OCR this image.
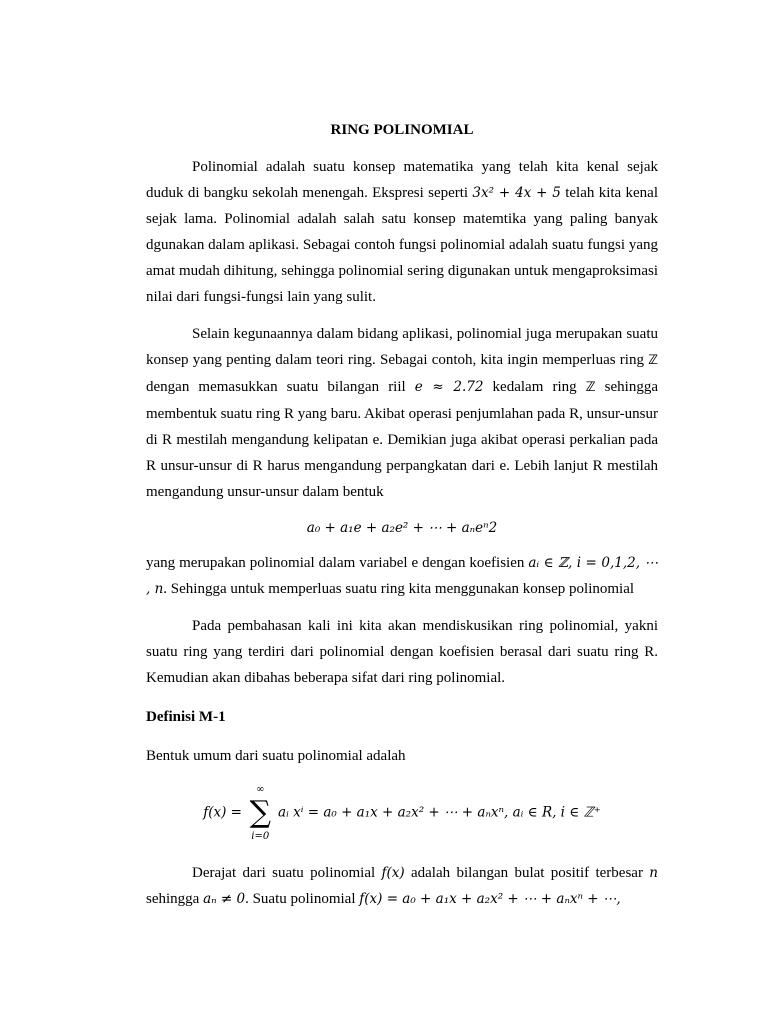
RING POLINOMIAL

Polinomial adalah suatu konsep matematika yang telah kita kenal sejak duduk di bangku sekolah menengah. Ekspresi seperti 3x² + 4x + 5 telah kita kenal sejak lama. Polinomial adalah salah satu konsep matemtika yang paling banyak dgunakan dalam aplikasi. Sebagai contoh fungsi polinomial adalah suatu fungsi yang amat mudah dihitung, sehingga polinomial sering digunakan untuk mengaproksimasi nilai dari fungsi-fungsi lain yang sulit.

Selain kegunaannya dalam bidang aplikasi, polinomial juga merupakan suatu konsep yang penting dalam teori ring. Sebagai contoh, kita ingin memperluas ring ℤ dengan memasukkan suatu bilangan riil e ≈ 2.72 kedalam ring ℤ sehingga membentuk suatu ring R yang baru. Akibat operasi penjumlahan pada R, unsur-unsur di R mestilah mengandung kelipatan e. Demikian juga akibat operasi perkalian pada R unsur-unsur di R harus mengandung perpangkatan dari e. Lebih lanjut R mestilah mengandung unsur-unsur dalam bentuk

a₀ + a₁e + a₂e² + ⋯ + aₙeⁿ2

yang merupakan polinomial dalam variabel e dengan koefisien aᵢ ∈ ℤ, i = 0,1,2, ⋯ , n. Sehingga untuk memperluas suatu ring kita menggunakan konsep polinomial

Pada pembahasan kali ini kita akan mendiskusikan ring polinomial, yakni suatu ring yang terdiri dari polinomial dengan koefisien berasal dari suatu ring R. Kemudian akan dibahas beberapa sifat dari ring polinomial.

Definisi M-1

Bentuk umum dari suatu polinomial adalah

f(x) =
∞
∑
i=0
aᵢ xⁱ = a₀ + a₁x + a₂x² + ⋯ + aₙxⁿ, aᵢ ∈ R, i ∈ ℤ⁺

Derajat dari suatu polinomial f(x) adalah bilangan bulat positif terbesar n sehingga aₙ ≠ 0. Suatu polinomial f(x) = a₀ + a₁x + a₂x² + ⋯ + aₙxⁿ + ⋯,
